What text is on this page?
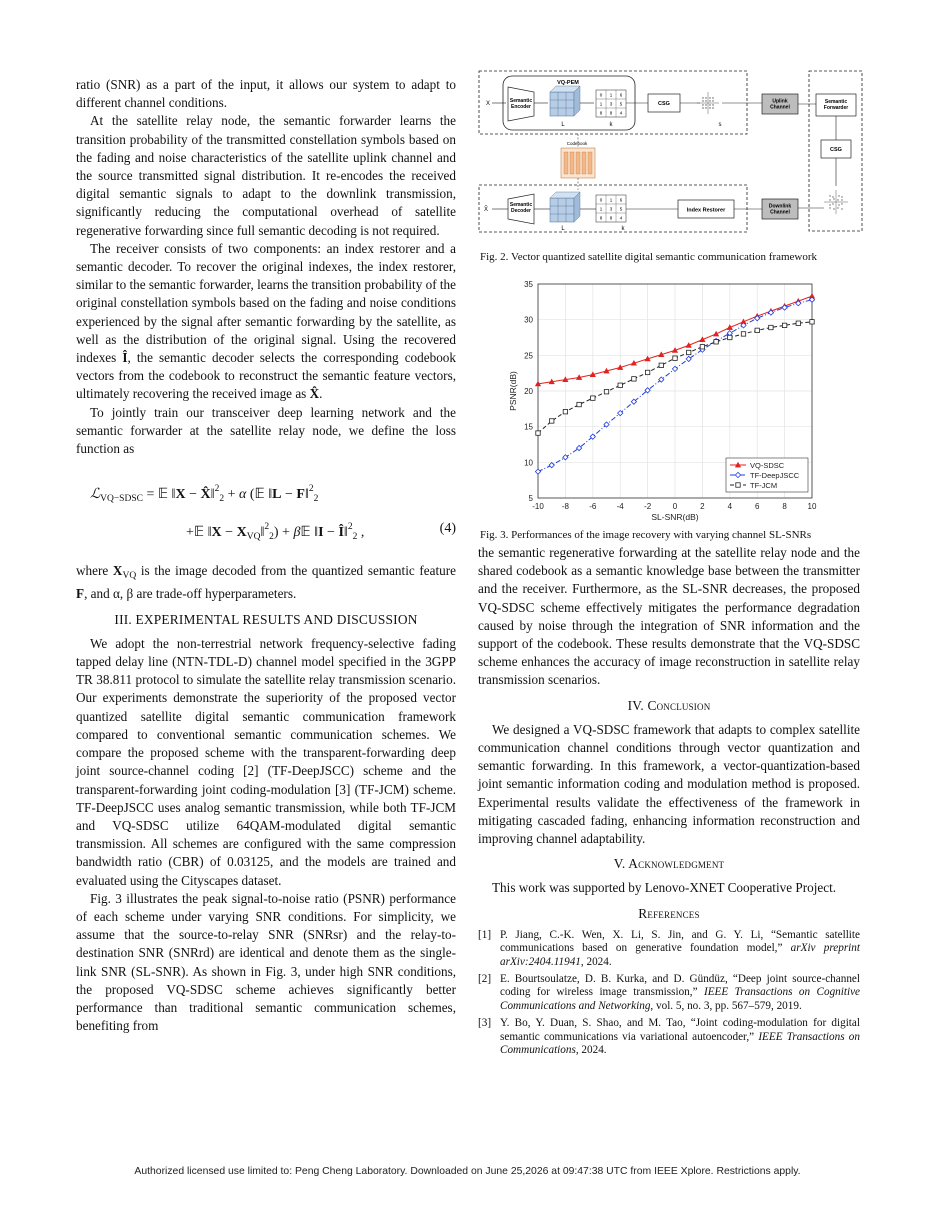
ratio (SNR) as a part of the input, it allows our system to adapt to different channel conditions.

At the satellite relay node, the semantic forwarder learns the transition probability of the transmitted constellation symbols based on the fading and noise characteristics of the satellite uplink channel and the source transmitted signal distribution. It re-encodes the received digital semantic signals to adapt to the downlink transmission, significantly reducing the computational overhead of satellite regenerative forwarding since full semantic decoding is not required.

The receiver consists of two components: an index restorer and a semantic decoder. To recover the original indexes, the index restorer, similar to the semantic forwarder, learns the transition probability of the original constellation symbols based on the fading and noise conditions experienced by the signal after semantic forwarding by the satellite, as well as the distribution of the original signal. Using the recovered indexes Î, the semantic decoder selects the corresponding codebook vectors from the codebook to reconstruct the semantic feature vectors, ultimately recovering the received image as X̂.

To jointly train our transceiver deep learning network and the semantic forwarder at the satellite relay node, we define the loss function as

ℒ$_{VQ-SDSC}$ = 𝔼 ‖X − X̂‖$^2_2$ + α (𝔼 ‖L − F‖$^2_2$
+𝔼 ‖X − $X_{VQ}‖^2_2$) + β𝔼 ‖I − Î‖$^2_2$ ,	(4)

where $X_{VQ}$ is the image decoded from the quantized semantic feature F, and α, β are trade-off hyperparameters.

III. EXPERIMENTAL RESULTS AND DISCUSSION

We adopt the non-terrestrial network frequency-selective fading tapped delay line (NTN-TDL-D) channel model specified in the 3GPP TR 38.811 protocol to simulate the satellite relay transmission scenario. Our experiments demonstrate the superiority of the proposed vector quantized satellite digital semantic communication framework compared to conventional semantic communication schemes. We compare the proposed scheme with the transparent-forwarding deep joint source-channel coding [2] (TF-DeepJSCC) scheme and the transparent-forwarding joint coding-modulation [3] (TF-JCM) scheme. TF-DeepJSCC uses analog semantic transmission, while both TF-JCM and VQ-SDSC utilize 64QAM-modulated digital semantic transmission. All schemes are configured with the same compression bandwidth ratio (CBR) of 0.03125, and the models are trained and evaluated using the Cityscapes dataset.

Fig. 3 illustrates the peak signal-to-noise ratio (PSNR) performance of each scheme under varying SNR conditions. For simplicity, we assume that the source-to-relay SNR (SNRsr) and the relay-to-destination SNR (SNRrd) are identical and denote them as the single-link SNR (SL-SNR). As shown in Fig. 3, under high SNR conditions, the proposed VQ-SDSC scheme achieves significantly better performance than traditional semantic communication schemes, benefiting from

VQ-PEM
X	Semantic Encoder
L
0 1 6
1 3 5
8 8 4
k
CSG
s
Uplink Channel
Semantic Forwarder
CSG
Downlink Channel
Index Restorer
0 1 6
1 3 5
8 8 4
k
L
Semantic Decoder
X̂
Codebook
Fig. 2. Vector quantized satellite digital semantic communication framework
-10 -8	-6	-4	-2	0	2	4	6	8	10
5
10
15
20
25
30
35
SL-SNR(dB)
PSNR(dB)
VQ-SDSC
TF-DeepJSCC
TF-JCM
Fig. 3. Performances of the image recovery with varying channel SL-SNRs

the semantic regenerative forwarding at the satellite relay node and the shared codebook as a semantic knowledge base between the transmitter and the receiver. Furthermore, as the SL-SNR decreases, the proposed VQ-SDSC scheme effectively mitigates the performance degradation caused by noise through the integration of SNR information and the support of the codebook. These results demonstrate that the VQ-SDSC scheme enhances the accuracy of image reconstruction in satellite relay transmission scenarios.

IV. Conclusion

We designed a VQ-SDSC framework that adapts to complex satellite communication channel conditions through vector quantization and semantic forwarding. In this framework, a vector-quantization-based joint semantic information coding and modulation method is proposed. Experimental results validate the effectiveness of the framework in mitigating cascaded fading, enhancing information reconstruction and improving channel adaptability.

V. Acknowledgment

This work was supported by Lenovo-XNET Cooperative Project.

References
[1] P. Jiang, C.-K. Wen, X. Li, S. Jin, and G. Y. Li, “Semantic satellite communications based on generative foundation model,” arXiv preprint arXiv:2404.11941, 2024.
[2] E. Bourtsoulatze, D. B. Kurka, and D. Gündüz, “Deep joint source-channel coding for wireless image transmission,” IEEE Transactions on Cognitive Communications and Networking, vol. 5, no. 3, pp. 567–579, 2019.
[3] Y. Bo, Y. Duan, S. Shao, and M. Tao, “Joint coding-modulation for digital semantic communications via variational autoencoder,” IEEE Transactions on Communications, 2024.
Authorized licensed use limited to: Peng Cheng Laboratory. Downloaded on June 25,2026 at 09:47:38 UTC from IEEE Xplore. Restrictions apply.
